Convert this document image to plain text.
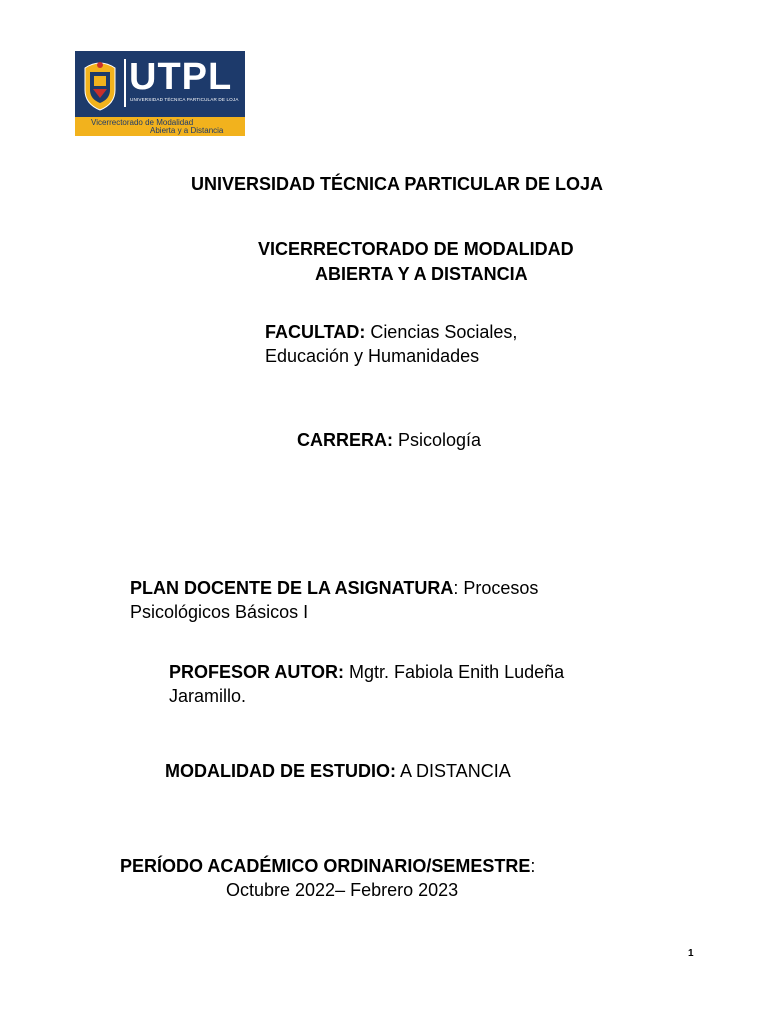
UTPL
UNIVERSIDAD TÉCNICA PARTICULAR DE LOJA
Vicerrectorado de Modalidad
Abierta y a Distancia
UNIVERSIDAD TÉCNICA PARTICULAR DE LOJA
VICERRECTORADO DE MODALIDAD
ABIERTA Y A DISTANCIA
FACULTAD: Ciencias Sociales,
Educación y Humanidades
CARRERA: Psicología
PLAN DOCENTE DE LA ASIGNATURA: Procesos
Psicológicos Básicos I
PROFESOR AUTOR: Mgtr. Fabiola Enith Ludeña
Jaramillo.
MODALIDAD DE ESTUDIO: A DISTANCIA
PERÍODO ACADÉMICO ORDINARIO/SEMESTRE:
Octubre 2022– Febrero 2023
1
